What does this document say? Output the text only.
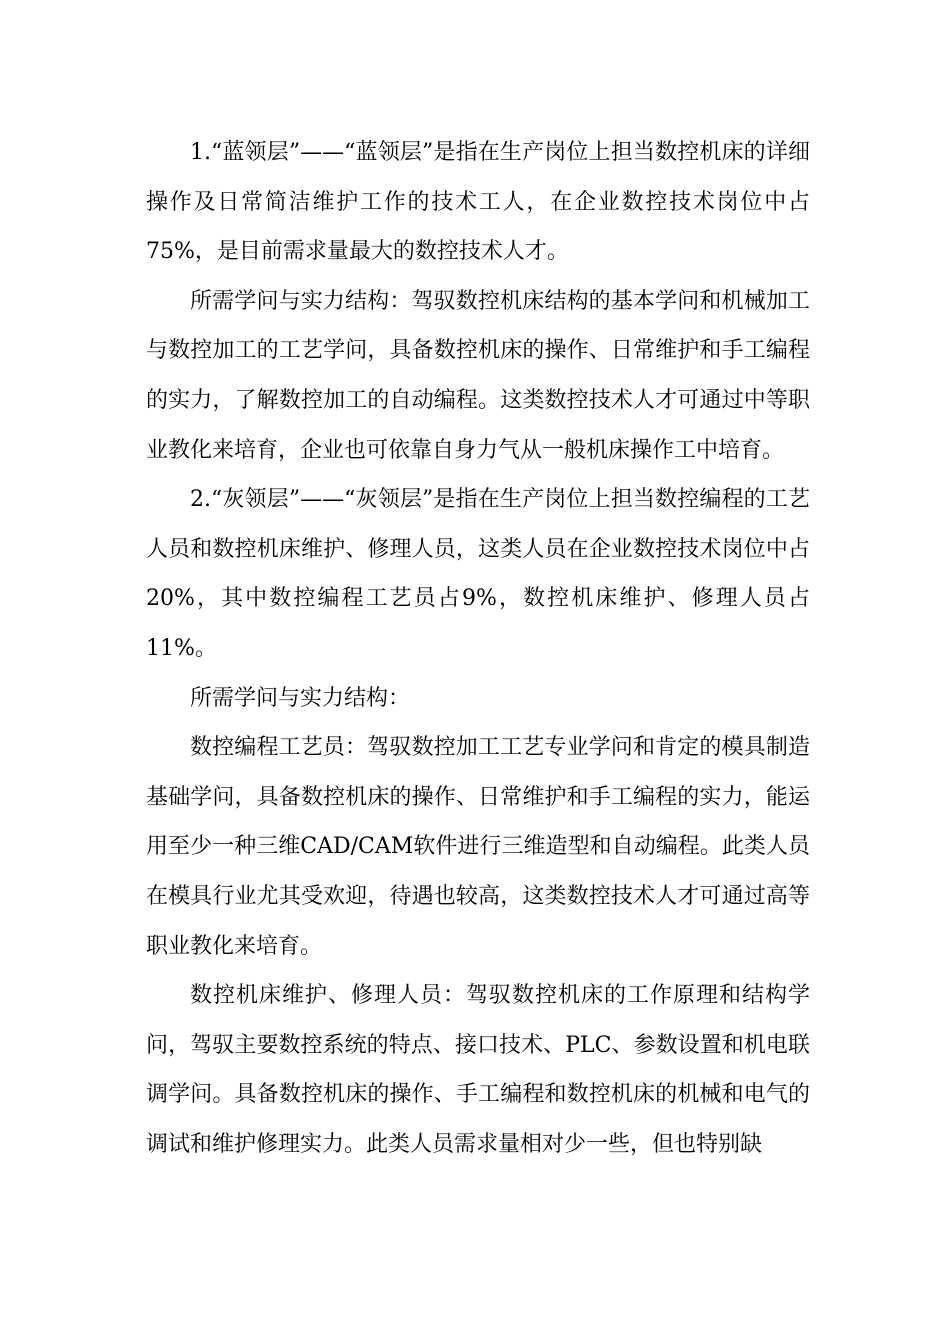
1.“蓝领层”——“蓝领层”是指在生产岗位上担当数控机床的详细操作及日常简洁维护工作的技术工人，在企业数控技术岗位中占75%，是目前需求量最大的数控技术人才。

所需学问与实力结构：驾驭数控机床结构的基本学问和机械加工与数控加工的工艺学问，具备数控机床的操作、日常维护和手工编程的实力，了解数控加工的自动编程。这类数控技术人才可通过中等职业教化来培育，企业也可依靠自身力气从一般机床操作工中培育。

2.“灰领层”——“灰领层”是指在生产岗位上担当数控编程的工艺人员和数控机床维护、修理人员，这类人员在企业数控技术岗位中占20%，其中数控编程工艺员占9%，数控机床维护、修理人员占11%。

所需学问与实力结构：

数控编程工艺员：驾驭数控加工工艺专业学问和肯定的模具制造基础学问，具备数控机床的操作、日常维护和手工编程的实力，能运用至少一种三维CAD/CAM软件进行三维造型和自动编程。此类人员在模具行业尤其受欢迎，待遇也较高，这类数控技术人才可通过高等职业教化来培育。

数控机床维护、修理人员：驾驭数控机床的工作原理和结构学问，驾驭主要数控系统的特点、接口技术、PLC、参数设置和机电联调学问。具备数控机床的操作、手工编程和数控机床的机械和电气的调试和维护修理实力。此类人员需求量相对少一些，但也特别缺
